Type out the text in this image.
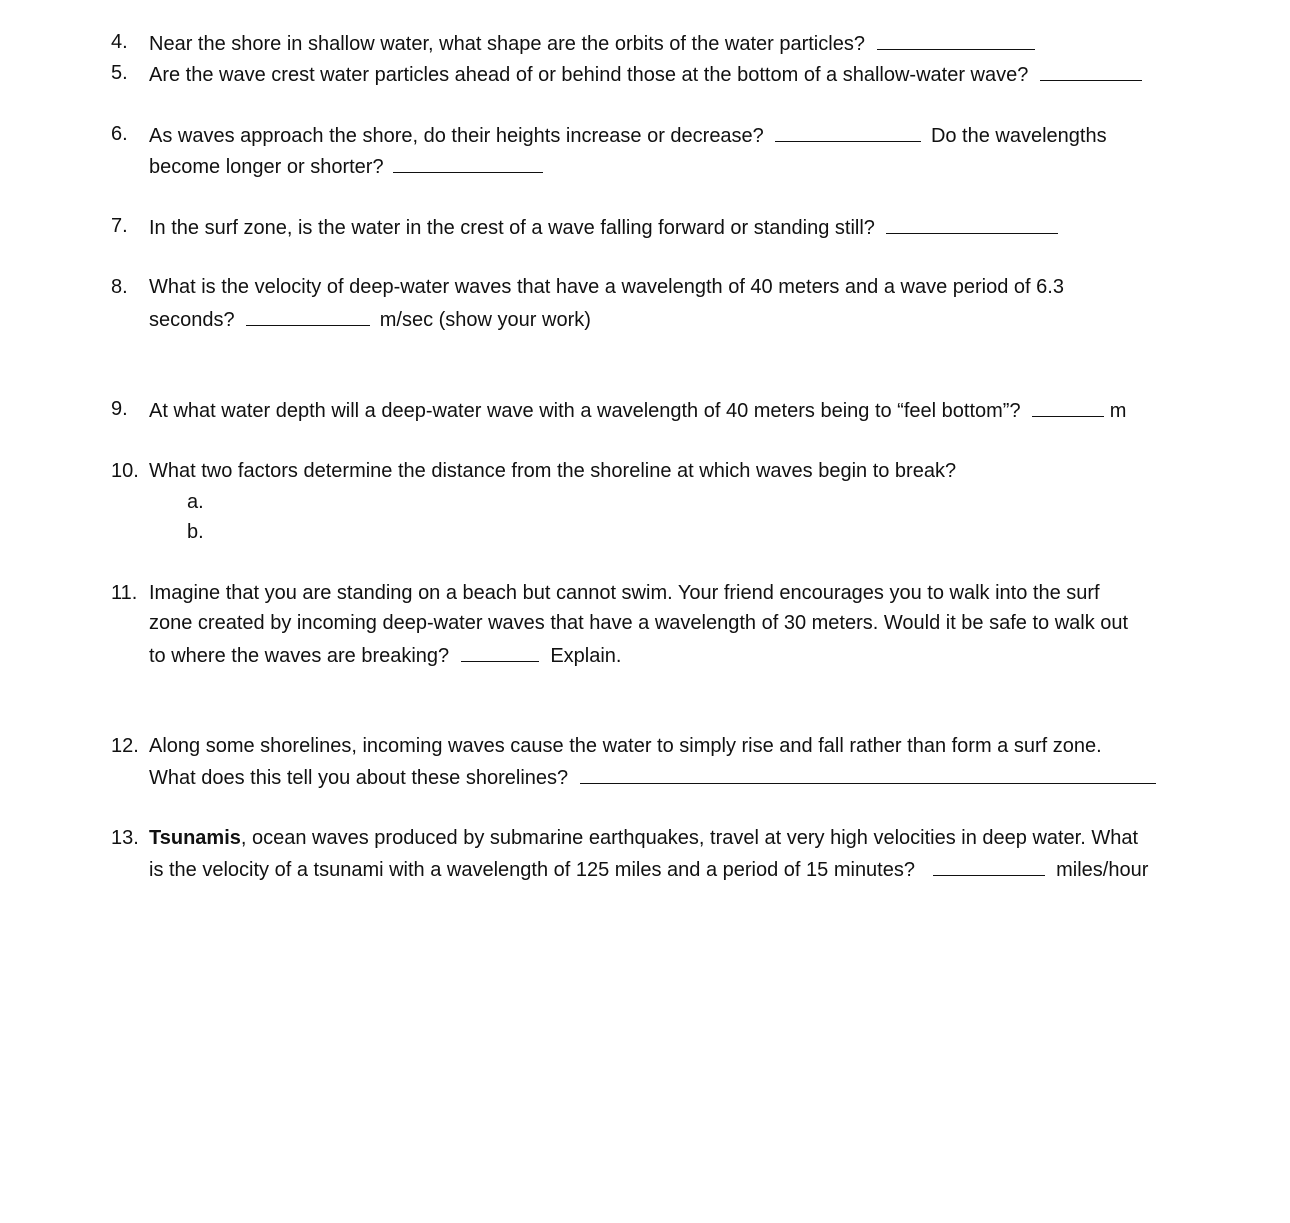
4. Near the shore in shallow water, what shape are the orbits of the water particles?
5. Are the wave crest water particles ahead of or behind those at the bottom of a shallow-water wave?
6. As waves approach the shore, do their heights increase or decrease?	Do the wavelengths
become longer or shorter?
7. In the surf zone, is the water in the crest of a wave falling forward or standing still?
8. What is the velocity of deep-water waves that have a wavelength of 40 meters and a wave period of 6.3
seconds?	m/sec (show your work)
9. At what water depth will a deep-water wave with a wavelength of 40 meters being to “feel bottom”?	m
10. What two factors determine the distance from the shoreline at which waves begin to break?
a.
b.
11. Imagine that you are standing on a beach but cannot swim. Your friend encourages you to walk into the surf
zone created by incoming deep-water waves that have a wavelength of 30 meters. Would it be safe to walk out
to where the waves are breaking?	Explain.
12. Along some shorelines, incoming waves cause the water to simply rise and fall rather than form a surf zone.
What does this tell you about these shorelines?
13. Tsunamis, ocean waves produced by submarine earthquakes, travel at very high velocities in deep water. What
is the velocity of a tsunami with a wavelength of 125 miles and a period of 15 minutes?	miles/hour
